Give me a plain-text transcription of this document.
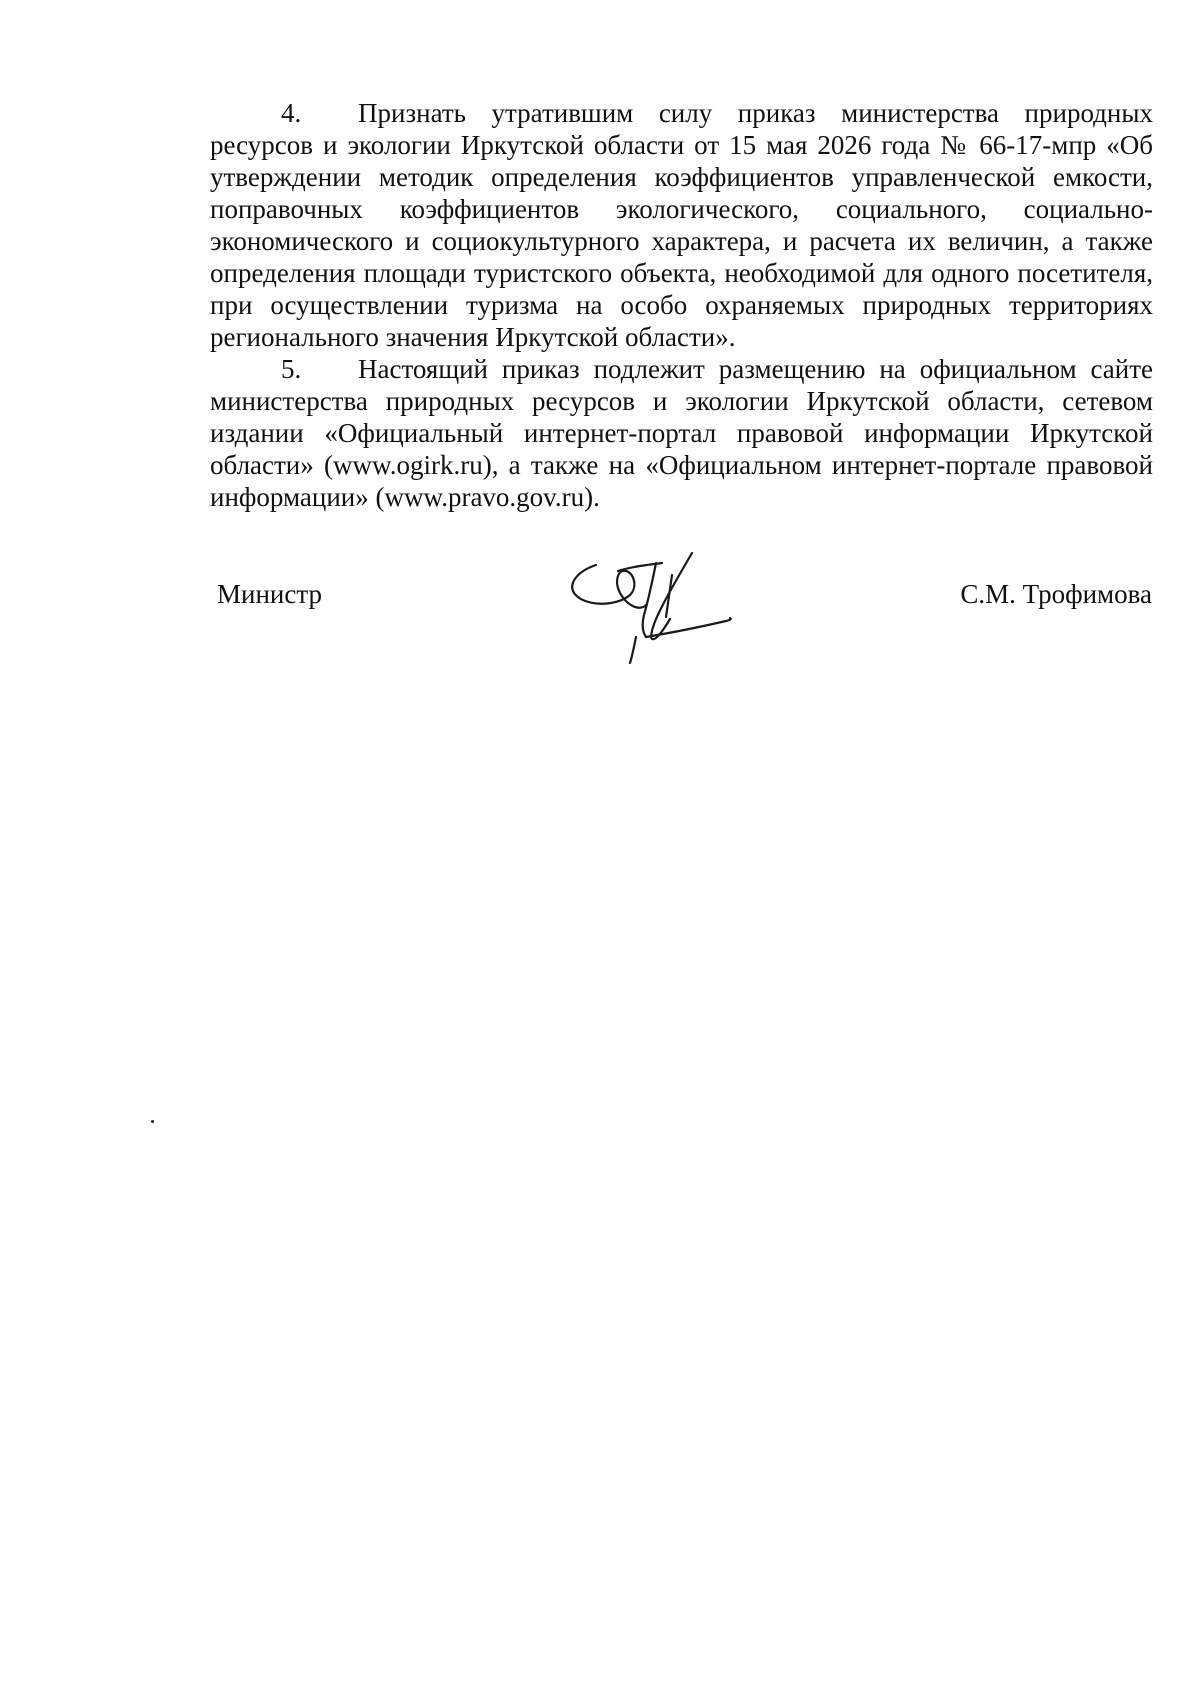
4. Признать утратившим силу приказ министерства природных ресурсов и экологии Иркутской области от 15 мая 2026 года № 66-17-мпр «Об утверждении методик определения коэффициентов управленческой емкости, поправочных коэффициентов экологического, социального, социально-экономического и социокультурного характера, и расчета их величин, а также определения площади туристского объекта, необходимой для одного посетителя, при осуществлении туризма на особо охраняемых природных территориях регионального значения Иркутской области».

5. Настоящий приказ подлежит размещению на официальном сайте министерства природных ресурсов и экологии Иркутской области, сетевом издании «Официальный интернет-портал правовой информации Иркутской области» (www.ogirk.ru), а также на «Официальном интернет-портале правовой информации» (www.pravo.gov.ru).

Министр	С.М. Трофимова
